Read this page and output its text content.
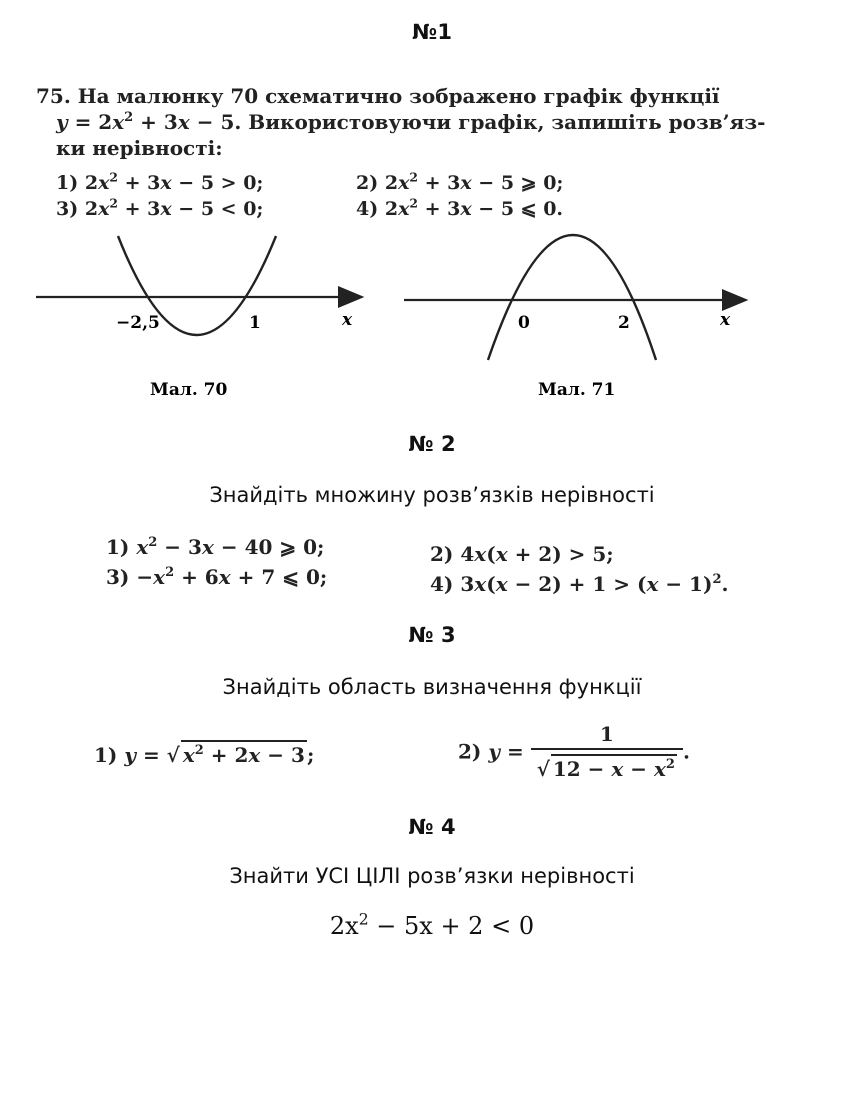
№1
75. На малюнку 70 схематично зображено графік функції
$y = 2x^2 + 3x - 5$. Використовуючи графік, запишіть розв’яз-
ки нерівності:
1) $2x^2 + 3x - 5 > 0$;	2) $2x^2 + 3x - 5$ ⩾ 0;
3) $2x^2 + 3x - 5 < 0$;	4) $2x^2 + 3x - 5$ ⩽ 0.
−2,5	1	x
Мал. 70
0	2	x
Мал. 71
№ 2
Знайдіть множину розв’язків нерівності
1) $x^2 - 3x - 40$ ⩾ 0;	2) 4x(x + 2) > 5;
$3) -x^2 + 6x + 7$ ⩽ 0;	4) $3x(x - 2) + 1 > (x - 1)^2$.
№ 3
Знайдіть область визначення функції
1) y = √ $x^2 + 2x - 3$ ;	2) $y = \frac{1}{√ 12 - x - x^2}$ .
№ 4
Знайти УСІ ЦІЛІ розв’язки нерівності
$2x^2 - 5x + 2 < 0$
